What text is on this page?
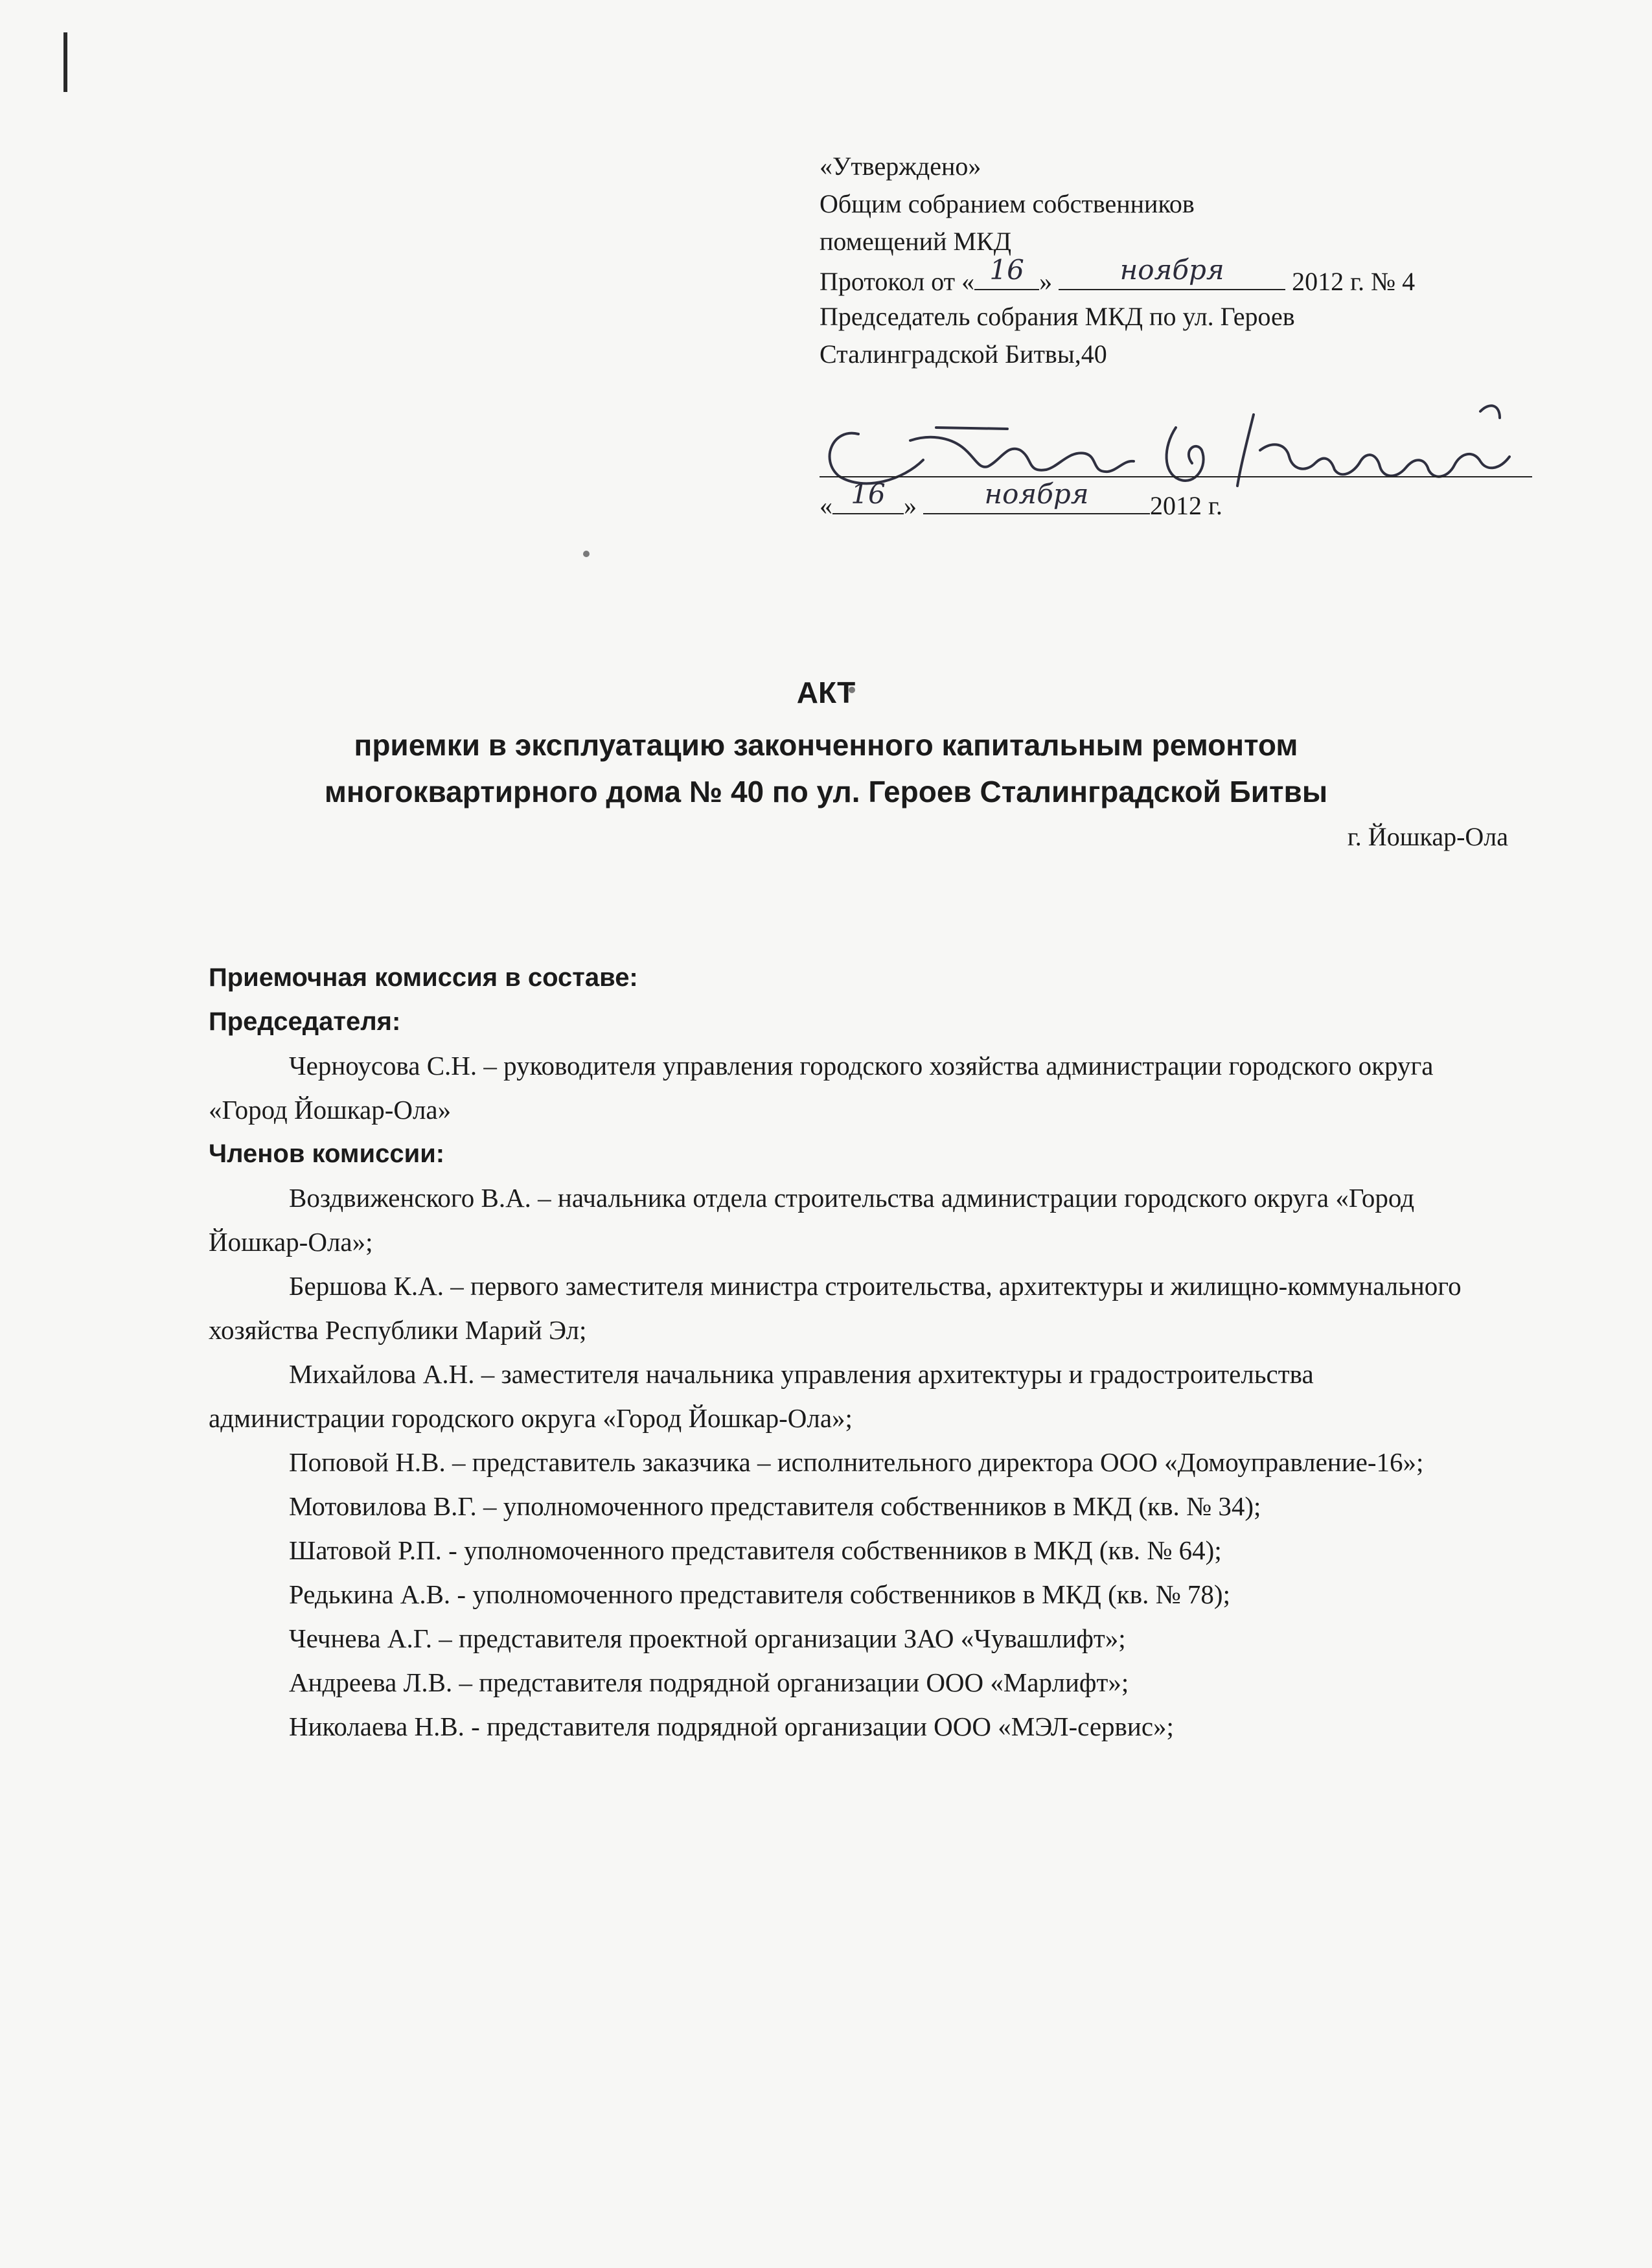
«Утверждено»
Общим собранием собственников
помещений МКД
Протокол от « 16 »	ноября	2012 г. № 4
Председатель собрания МКД по ул. Героев
Сталинградской Битвы,40
« 16 »	ноября	2012 г.
АКТ
приемки в эксплуатацию законченного капитальным ремонтом
многоквартирного дома № 40 по ул. Героев Сталинградской Битвы
г. Йошкар-Ола

Приемочная комиссия в составе:

Председателя:

Черноусова С.Н. – руководителя управления городского хозяйства администрации городского округа «Город Йошкар-Ола»

Членов комиссии:

Воздвиженского В.А. – начальника отдела строительства администрации городского округа «Город Йошкар-Ола»;

Бершова К.А. – первого заместителя министра строительства, архитектуры и жилищно-коммунального хозяйства Республики Марий Эл;

Михайлова А.Н. – заместителя начальника управления архитектуры и градостроительства администрации городского округа «Город Йошкар-Ола»;

Поповой Н.В. – представитель заказчика – исполнительного директора ООО «Домоуправление-16»;

Мотовилова В.Г. – уполномоченного представителя собственников в МКД (кв. № 34);

Шатовой Р.П. - уполномоченного представителя собственников в МКД (кв. № 64);

Редькина А.В. - уполномоченного представителя собственников в МКД (кв. № 78);

Чечнева А.Г. – представителя проектной организации ЗАО «Чувашлифт»;

Андреева Л.В. – представителя подрядной организации ООО «Марлифт»;

Николаева Н.В. - представителя подрядной организации ООО «МЭЛ-сервис»;
